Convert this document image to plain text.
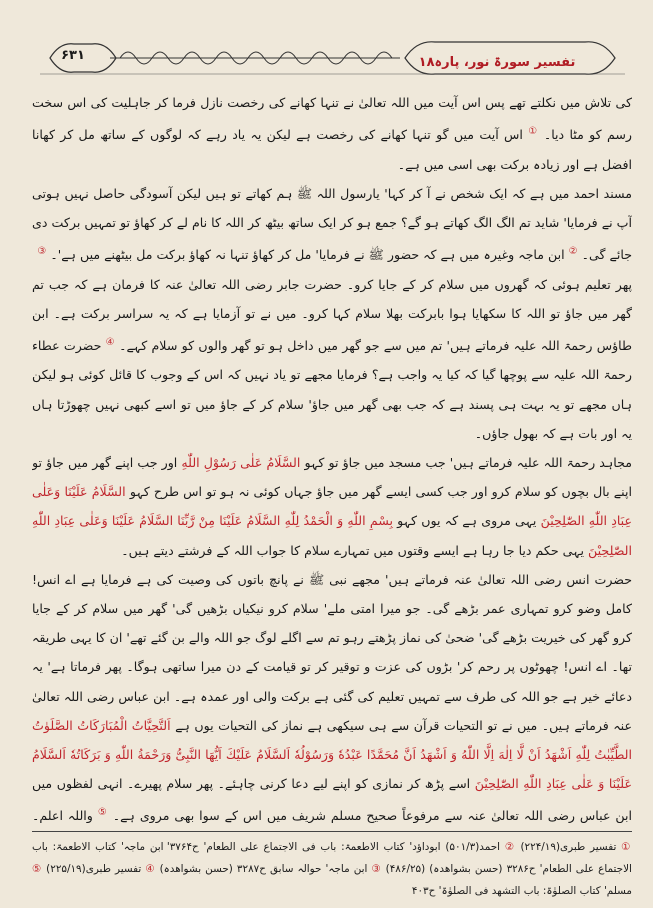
۶۳۱	تفسیر سورۃ نور، پارہ۱۸

کی تلاش میں نکلتے تھے پس اس آیت میں اللہ تعالیٰ نے تنہا کھانے کی رخصت نازل فرما کر جاہلیت کی اس سخت رسم کو مٹا دیا۔ ① اس آیت میں گو تنہا کھانے کی رخصت ہے لیکن یہ یاد رہے کہ لوگوں کے ساتھ مل کر کھانا افضل ہے اور زیادہ برکت بھی اسی میں ہے۔

مسند احمد میں ہے کہ ایک شخص نے آ کر کہا' یارسول اللہ ﷺ ہم کھاتے تو ہیں لیکن آسودگی حاصل نہیں ہوتی آپ نے فرمایا' شاید تم الگ الگ کھاتے ہو گے؟ جمع ہو کر ایک ساتھ بیٹھ کر اللہ کا نام لے کر کھاؤ تو تمہیں برکت دی جائے گی۔ ② ابن ماجہ وغیرہ میں ہے کہ حضور ﷺ نے فرمایا' مل کر کھاؤ تنہا نہ کھاؤ برکت مل بیٹھنے میں ہے'۔ ③

پھر تعلیم ہوئی کہ گھروں میں سلام کر کے جایا کرو۔ حضرت جابر رضی اللہ تعالیٰ عنہ کا فرمان ہے کہ جب تم گھر میں جاؤ تو اللہ کا سکھایا ہوا بابرکت بھلا سلام کہا کرو۔ میں نے تو آزمایا ہے کہ یہ سراسر برکت ہے۔ ابن طاؤس رحمۃ اللہ علیہ فرماتے ہیں' تم میں سے جو گھر میں داخل ہو تو گھر والوں کو سلام کہے۔ ④ حضرت عطاء رحمۃ اللہ علیہ سے پوچھا گیا کہ کیا یہ واجب ہے؟ فرمایا مجھے تو یاد نہیں کہ اس کے وجوب کا قائل کوئی ہو لیکن ہاں مجھے تو یہ بہت ہی پسند ہے کہ جب بھی گھر میں جاؤ' سلام کر کے جاؤ میں تو اسے کبھی نہیں چھوڑتا ہاں یہ اور بات ہے کہ بھول جاؤں۔

مجاہد رحمۃ اللہ علیہ فرماتے ہیں' جب مسجد میں جاؤ تو کہو السَّلَامُ عَلٰی رَسُوْلِ اللّٰهِ اور جب اپنے گھر میں جاؤ تو اپنے بال بچوں کو سلام کرو اور جب کسی ایسے گھر میں جاؤ جہاں کوئی نہ ہو تو اس طرح کہو السَّلَامُ عَلَیْنَا وَعَلٰی عِبَادِ اللّٰهِ الصّٰلِحِیْنَ یہی مروی ہے کہ یوں کہو بِسْمِ اللّٰهِ وَ الْحَمْدُ لِلّٰهِ السَّلَامُ عَلَیْنَا مِنْ رَّبِّنَا السَّلَامُ عَلَیْنَا وَعَلٰی عِبَادِ اللّٰهِ الصّٰلِحِیْنَ یہی حکم دیا جا رہا ہے ایسے وقتوں میں تمہارے سلام کا جواب اللہ کے فرشتے دیتے ہیں۔

حضرت انس رضی اللہ تعالیٰ عنہ فرماتے ہیں' مجھے نبی ﷺ نے پانچ باتوں کی وصیت کی ہے فرمایا ہے اے انس! کامل وضو کرو تمہاری عمر بڑھے گی۔ جو میرا امتی ملے' سلام کرو نیکیاں بڑھیں گی' گھر میں سلام کر کے جایا کرو گھر کی خیریت بڑھے گی' ضحیٰ کی نماز پڑھتے رہو تم سے اگلے لوگ جو اللہ والے بن گئے تھے' ان کا یہی طریقہ تھا۔ اے انس! چھوٹوں پر رحم کر' بڑوں کی عزت و توقیر کر تو قیامت کے دن میرا ساتھی ہوگا۔ پھر فرماتا ہے' یہ دعائے خیر ہے جو اللہ کی طرف سے تمہیں تعلیم کی گئی ہے برکت والی اور عمدہ ہے۔ ابن عباس رضی اللہ تعالیٰ عنہ فرماتے ہیں۔ میں نے تو التحیات قرآن سے ہی سیکھی ہے نماز کی التحیات یوں ہے اَلتَّحِیَّاتُ الْمُبَارَکَاتُ الصَّلَوٰتُ الطَّیِّبٰتُ لِلّٰهِ اَشْهَدُ اَنْ لَّا اِلٰهَ اِلَّا اللّٰهُ وَ اَشْهَدُ اَنَّ مُحَمَّدًا عَبْدُهٗ وَرَسُوْلُهٗ اَلسَّلَامُ عَلَیْكَ اَیُّهَا النَّبِیُّ وَرَحْمَةُ اللّٰهِ وَ بَرَکَاتُهٗ اَلسَّلَامُ عَلَیْنَا وَ عَلٰی عِبَادِ اللّٰهِ الصّٰلِحِیْنَ اسے پڑھ کر نمازی کو اپنے لیے دعا کرنی چاہئے۔ پھر سلام پھیرے۔ انہی لفظوں میں ابن عباس رضی اللہ تعالیٰ عنہ سے مرفوعاً صحیح مسلم شریف میں اس کے سوا بھی مروی ہے۔ ⑤ واللہ اعلم۔

① تفسیر طبری(۲۲۴/۱۹) ② احمد(۵۰۱/۳) ابوداؤد' کتاب الاطعمۃ: باب فی الاجتماع علی الطعام' ح۳۷۶۴' ابن ماجہ' کتاب الاطعمۃ: باب الاجتماع علی الطعام' ح۳۲۸۶ (حسن بشواھدہ) (۴۸۶/۲۵) ③ ابن ماجہ' حوالہ سابق ح۳۲۸۷ (حسن بشواھدہ) ④ تفسیر طبری(۲۲۵/۱۹) ⑤ مسلم' کتاب الصلوٰۃ: باب التشھد فی الصلوٰۃ' ح۴۰۳
